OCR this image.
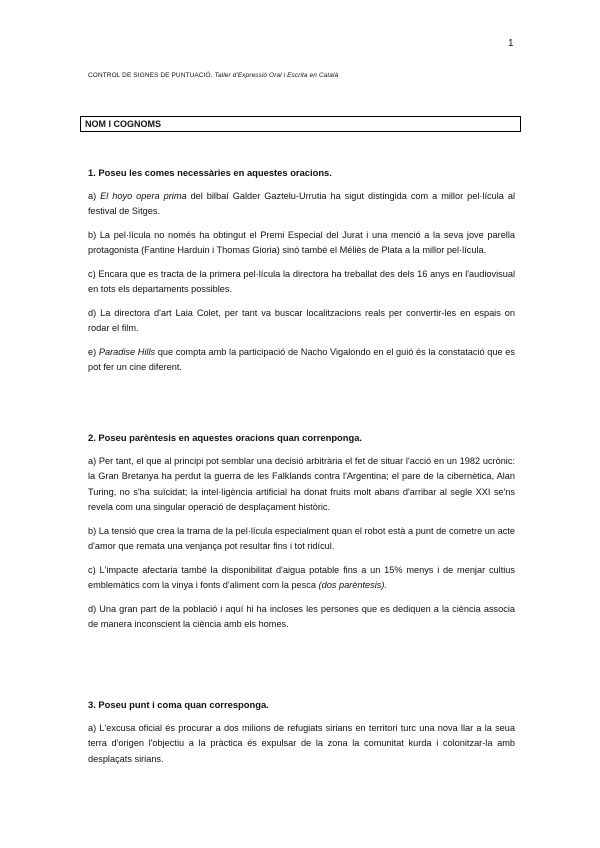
1
CONTROL DE SIGNES DE PUNTUACIÓ. Taller d'Expressió Oral i Escrita en Català
NOM I COGNOMS

1. Poseu les comes necessàries en aquestes oracions.

a) El hoyo opera prima del bilbaí Galder Gaztelu-Urrutia ha sigut distingida com a millor pel·lícula al festival de Sitges.

b) La pel·lícula no només ha obtingut el Premi Especial del Jurat i una menció a la seva jove parella protagonista (Fantine Harduin i Thomas Gioria) sinó també el Méliès de Plata a la millor pel·lícula.

c) Encara que es tracta de la primera pel·lícula la directora ha treballat des dels 16 anys en l'audiovisual en tots els departaments possibles.

d) La directora d'art Laia Colet, per tant va buscar localitzacions reals per convertir-les en espais on rodar el film.

e) Paradise Hills que compta amb la participació de Nacho Vigalondo en el guió és la constatació que es pot fer un cine diferent.

2. Poseu parèntesis en aquestes oracions quan correnponga.

a) Per tant, el que al principi pot semblar una decisió arbitrària el fet de situar l'acció en un 1982 ucrònic: la Gran Bretanya ha perdut la guerra de les Falklands contra l'Argentina; el pare de la cibernètica, Alan Turing, no s'ha suïcidat; la intel·ligència artificial ha donat fruits molt abans d'arribar al segle XXI se'ns revela com una singular operació de desplaçament històric.

b) La tensió que crea la trama de la pel·lícula especialment quan el robot està a punt de cometre un acte d'amor que remata una venjança pot resultar fins i tot ridícul.

c) L'impacte afectaria també la disponibilitat d'aigua potable fins a un 15% menys i de menjar cultius emblemàtics com la vinya i fonts d'aliment com la pesca (dos parèntesis).

d) Una gran part de la població i aquí hi ha incloses les persones que es dediquen a la ciència associa de manera inconscient la ciència amb els homes.

3. Poseu punt i coma quan corresponga.

a) L'excusa oficial és procurar a dos milions de refugiats sirians en territori turc una nova llar a la seua terra d'origen l'objectiu a la pràctica és expulsar de la zona la comunitat kurda i colonitzar-la amb desplaçats sirians.
